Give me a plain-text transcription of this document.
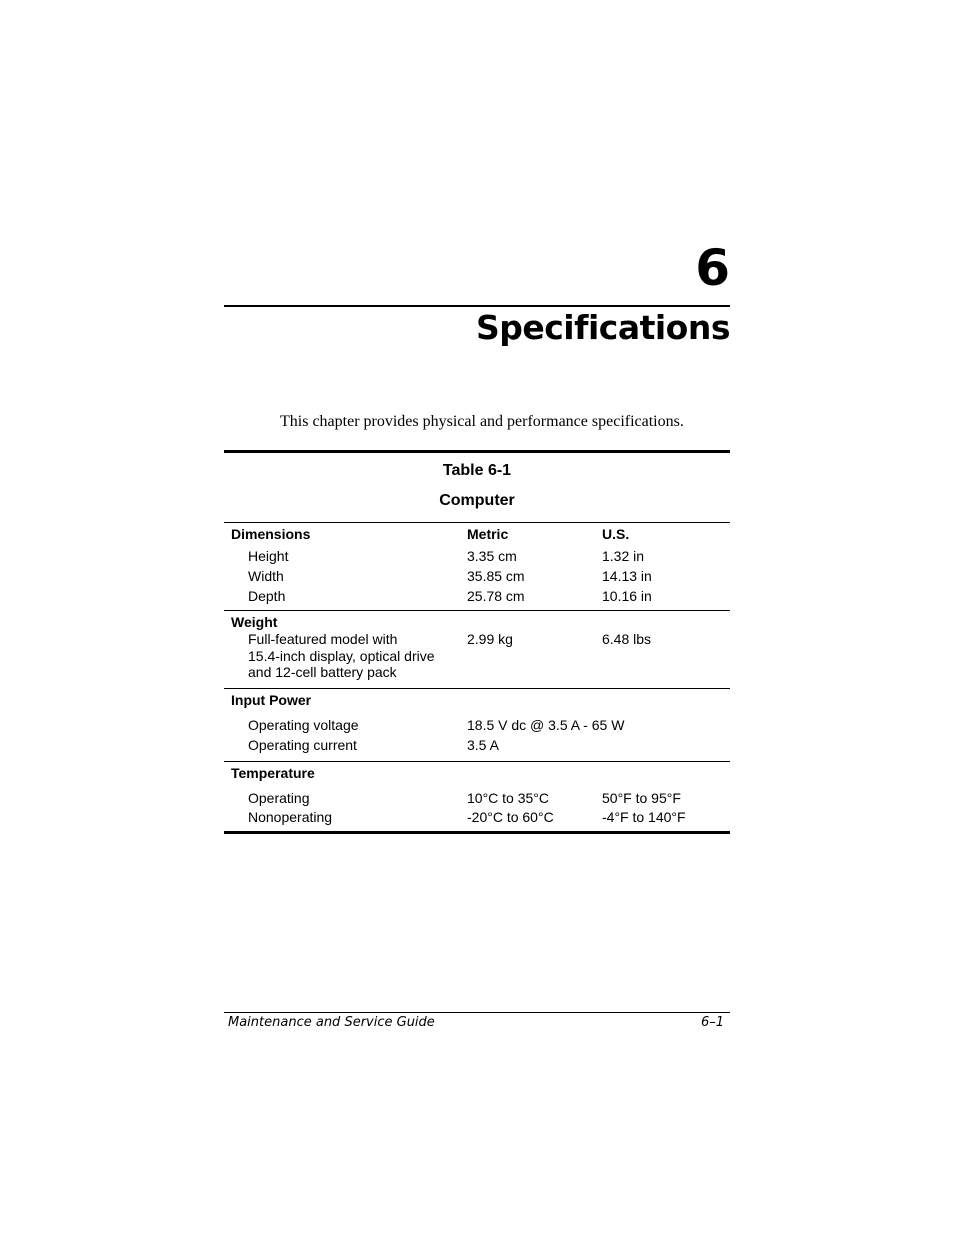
6
Specifications

This chapter provides physical and performance specifications.

Table 6-1
Computer
Dimensions	Metric	U.S.
Height	3.35 cm	1.32 in
Width	35.85 cm	14.13 in
Depth	25.78 cm	10.16 in
Weight
Full-featured model with
15.4-inch display, optical drive
and 12-cell battery pack
2.99 kg	6.48 lbs
Input Power
Operating voltage	18.5 V dc @ 3.5 A - 65 W
Operating current	3.5 A
Temperature
Operating	10°C to 35°C	50°F to 95°F
Nonoperating	-20°C to 60°C	-4°F to 140°F
Maintenance and Service Guide	6–1
